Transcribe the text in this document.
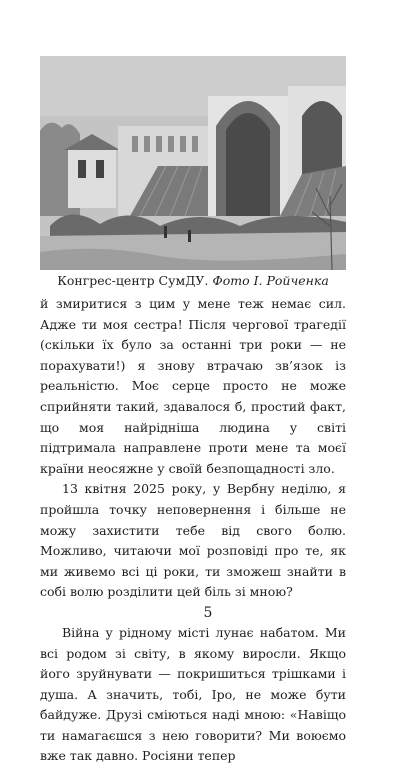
Конгрес-центр СумДУ. Фото І. Ройченка

й змиритися з цим у мене теж немає сил. Адже ти моя сестра! Після чергової трагедії (скільки їх було за останні три роки — не порахувати!) я знову втрачаю зв’язок із реальністю. Моє серце просто не може сприйняти такий, здавалося б, простий факт, що моя найрідніша людина у світі підтримала направлене проти мене та моєї країни неосяжне у своїй безпощадності зло.

13 квітня 2025 року, у Вербну неділю, я пройшла точку неповернення і більше не можу захистити тебе від свого болю. Можливо, читаючи мої розповіді про те, як ми живемо всі ці роки, ти зможеш знайти в собі волю розділити цей біль зі мною?

Війна у рідному місті лунає набатом. Ми всі родом зі світу, в якому виросли. Якщо його зруйнувати — покришиться трішками і душа. А значить, тобі, Іро, не може бути байдуже. Друзі сміються наді мною: «Навіщо ти намагаєшся з нею говорити? Ми воюємо вже так давно. Росіяни тепер

5
